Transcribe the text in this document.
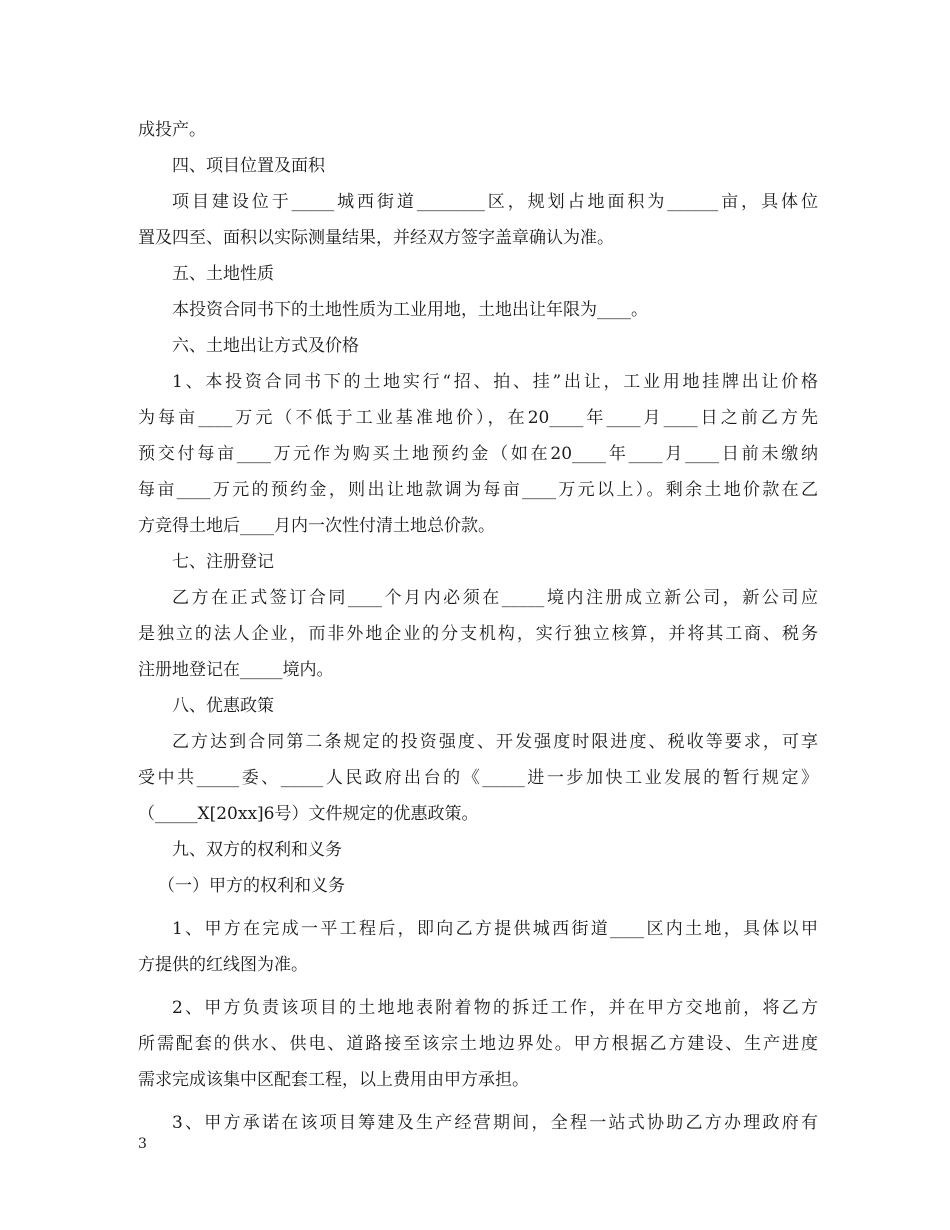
成投产。
四、项目位置及面积
项目建设位于_____城西街道________区，规划占地面积为______亩，具体位
置及四至、面积以实际测量结果，并经双方签字盖章确认为准。
五、土地性质
本投资合同书下的土地性质为工业用地，土地出让年限为____。
六、土地出让方式及价格
1、本投资合同书下的土地实行“招、拍、挂”出让，工业用地挂牌出让价格
为每亩____万元（不低于工业基准地价），在20____年____月____日之前乙方先
预交付每亩____万元作为购买土地预约金（如在20____年____月____日前未缴纳
每亩____万元的预约金，则出让地款调为每亩____万元以上）。剩余土地价款在乙
方竞得土地后____月内一次性付清土地总价款。
七、注册登记
乙方在正式签订合同____个月内必须在_____境内注册成立新公司，新公司应
是独立的法人企业，而非外地企业的分支机构，实行独立核算，并将其工商、税务
注册地登记在_____境内。
八、优惠政策
乙方达到合同第二条规定的投资强度、开发强度时限进度、税收等要求，可享
受中共_____委、_____人民政府出台的《_____进一步加快工业发展的暂行规定》
（_____X[20xx]6号）文件规定的优惠政策。
九、双方的权利和义务
（一）甲方的权利和义务
1、甲方在完成一平工程后，即向乙方提供城西街道____区内土地，具体以甲
方提供的红线图为准。
2、甲方负责该项目的土地地表附着物的拆迁工作，并在甲方交地前，将乙方
所需配套的供水、供电、道路接至该宗土地边界处。甲方根据乙方建设、生产进度
需求完成该集中区配套工程，以上费用由甲方承担。
3、甲方承诺在该项目筹建及生产经营期间，全程一站式协助乙方办理政府有
3
